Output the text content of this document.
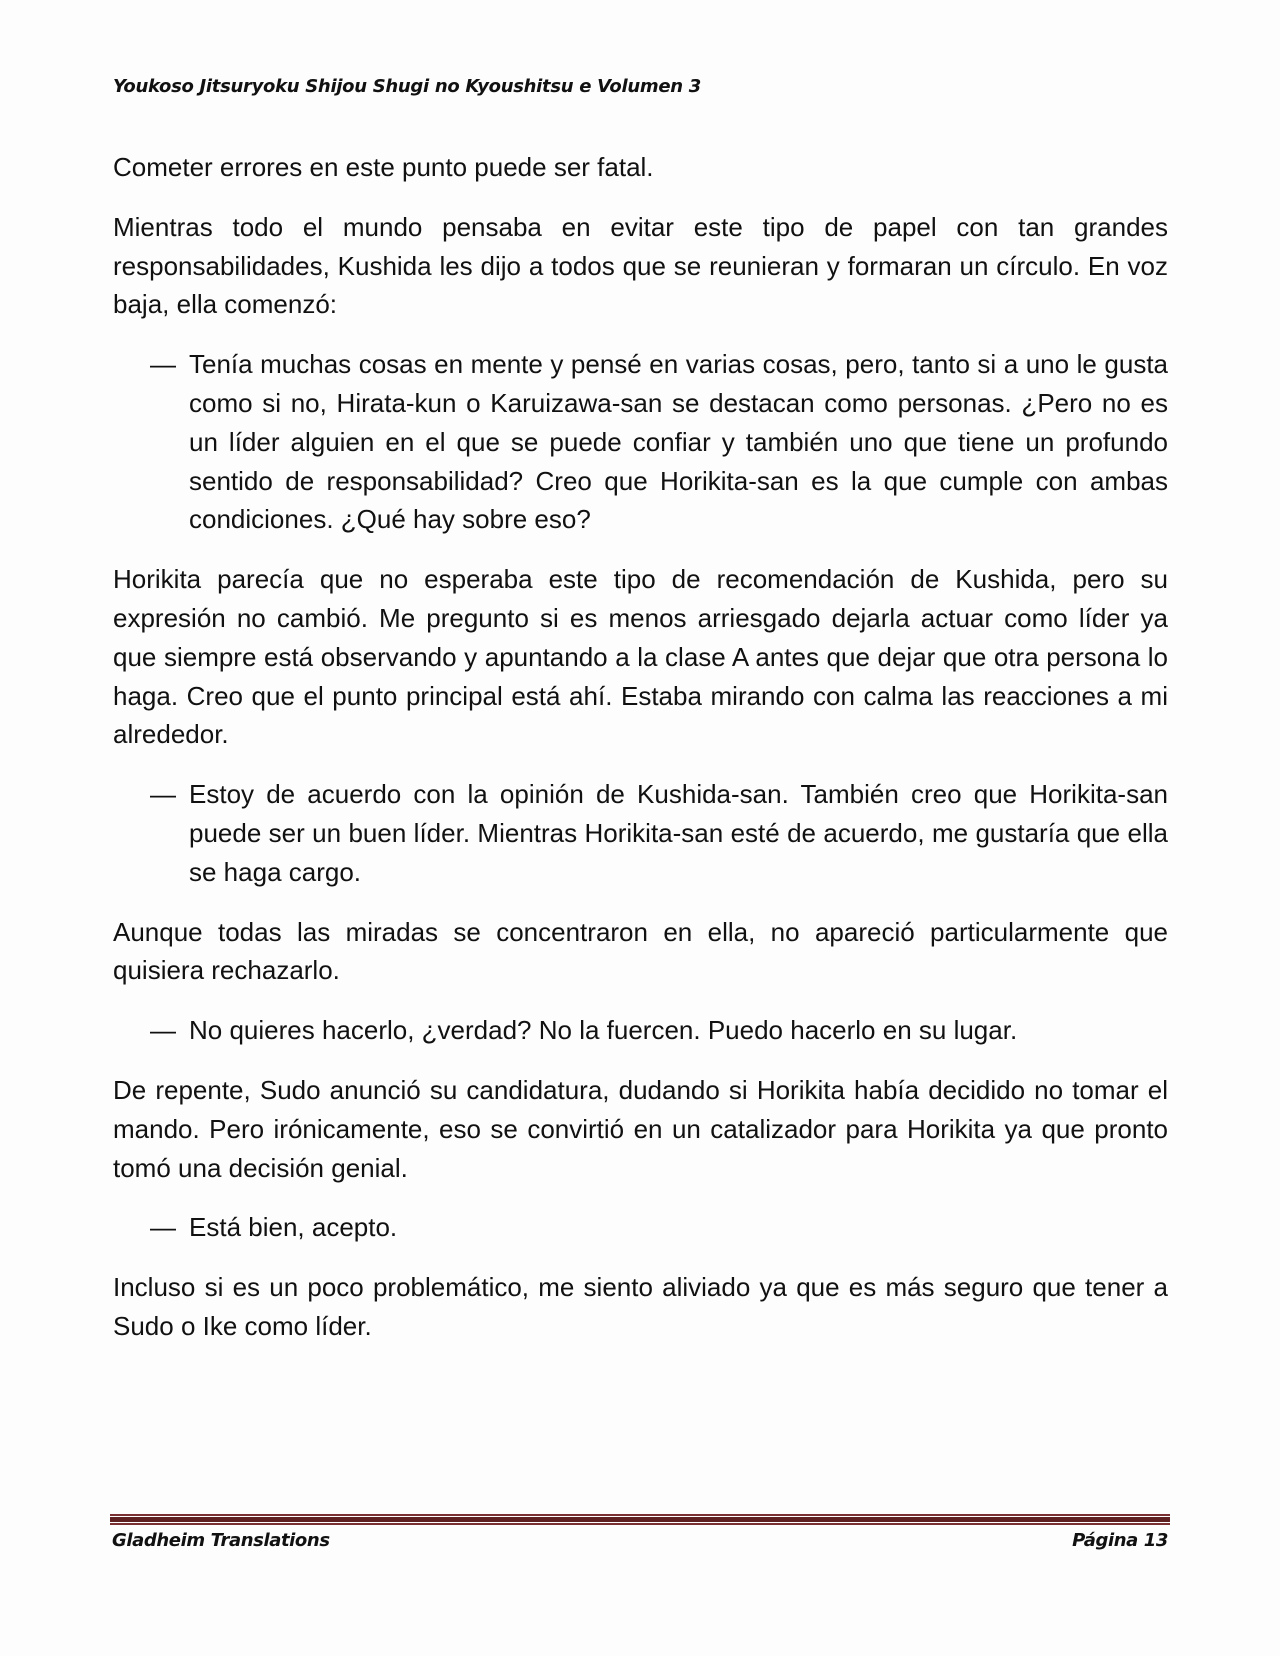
Youkoso Jitsuryoku Shijou Shugi no Kyoushitsu e Volumen 3

Cometer errores en este punto puede ser fatal.

Mientras todo el mundo pensaba en evitar este tipo de papel con tan grandes responsabilidades, Kushida les dijo a todos que se reunieran y formaran un círculo. En voz baja, ella comenzó:

— Tenía muchas cosas en mente y pensé en varias cosas, pero, tanto si a uno le gusta como si no, Hirata-kun o Karuizawa-san se destacan como personas. ¿Pero no es un líder alguien en el que se puede confiar y también uno que tiene un profundo sentido de responsabilidad? Creo que Horikita-san es la que cumple con ambas condiciones. ¿Qué hay sobre eso?

Horikita parecía que no esperaba este tipo de recomendación de Kushida, pero su expresión no cambió. Me pregunto si es menos arriesgado dejarla actuar como líder ya que siempre está observando y apuntando a la clase A antes que dejar que otra persona lo haga. Creo que el punto principal está ahí. Estaba mirando con calma las reacciones a mi alrededor.

— Estoy de acuerdo con la opinión de Kushida-san. También creo que Horikita-san puede ser un buen líder. Mientras Horikita-san esté de acuerdo, me gustaría que ella se haga cargo.

Aunque todas las miradas se concentraron en ella, no apareció particularmente que quisiera rechazarlo.

— No quieres hacerlo, ¿verdad? No la fuercen. Puedo hacerlo en su lugar.

De repente, Sudo anunció su candidatura, dudando si Horikita había decidido no tomar el mando. Pero irónicamente, eso se convirtió en un catalizador para Horikita ya que pronto tomó una decisión genial.

— Está bien, acepto.

Incluso si es un poco problemático, me siento aliviado ya que es más seguro que tener a Sudo o Ike como líder.

Gladheim Translations	Página 13
